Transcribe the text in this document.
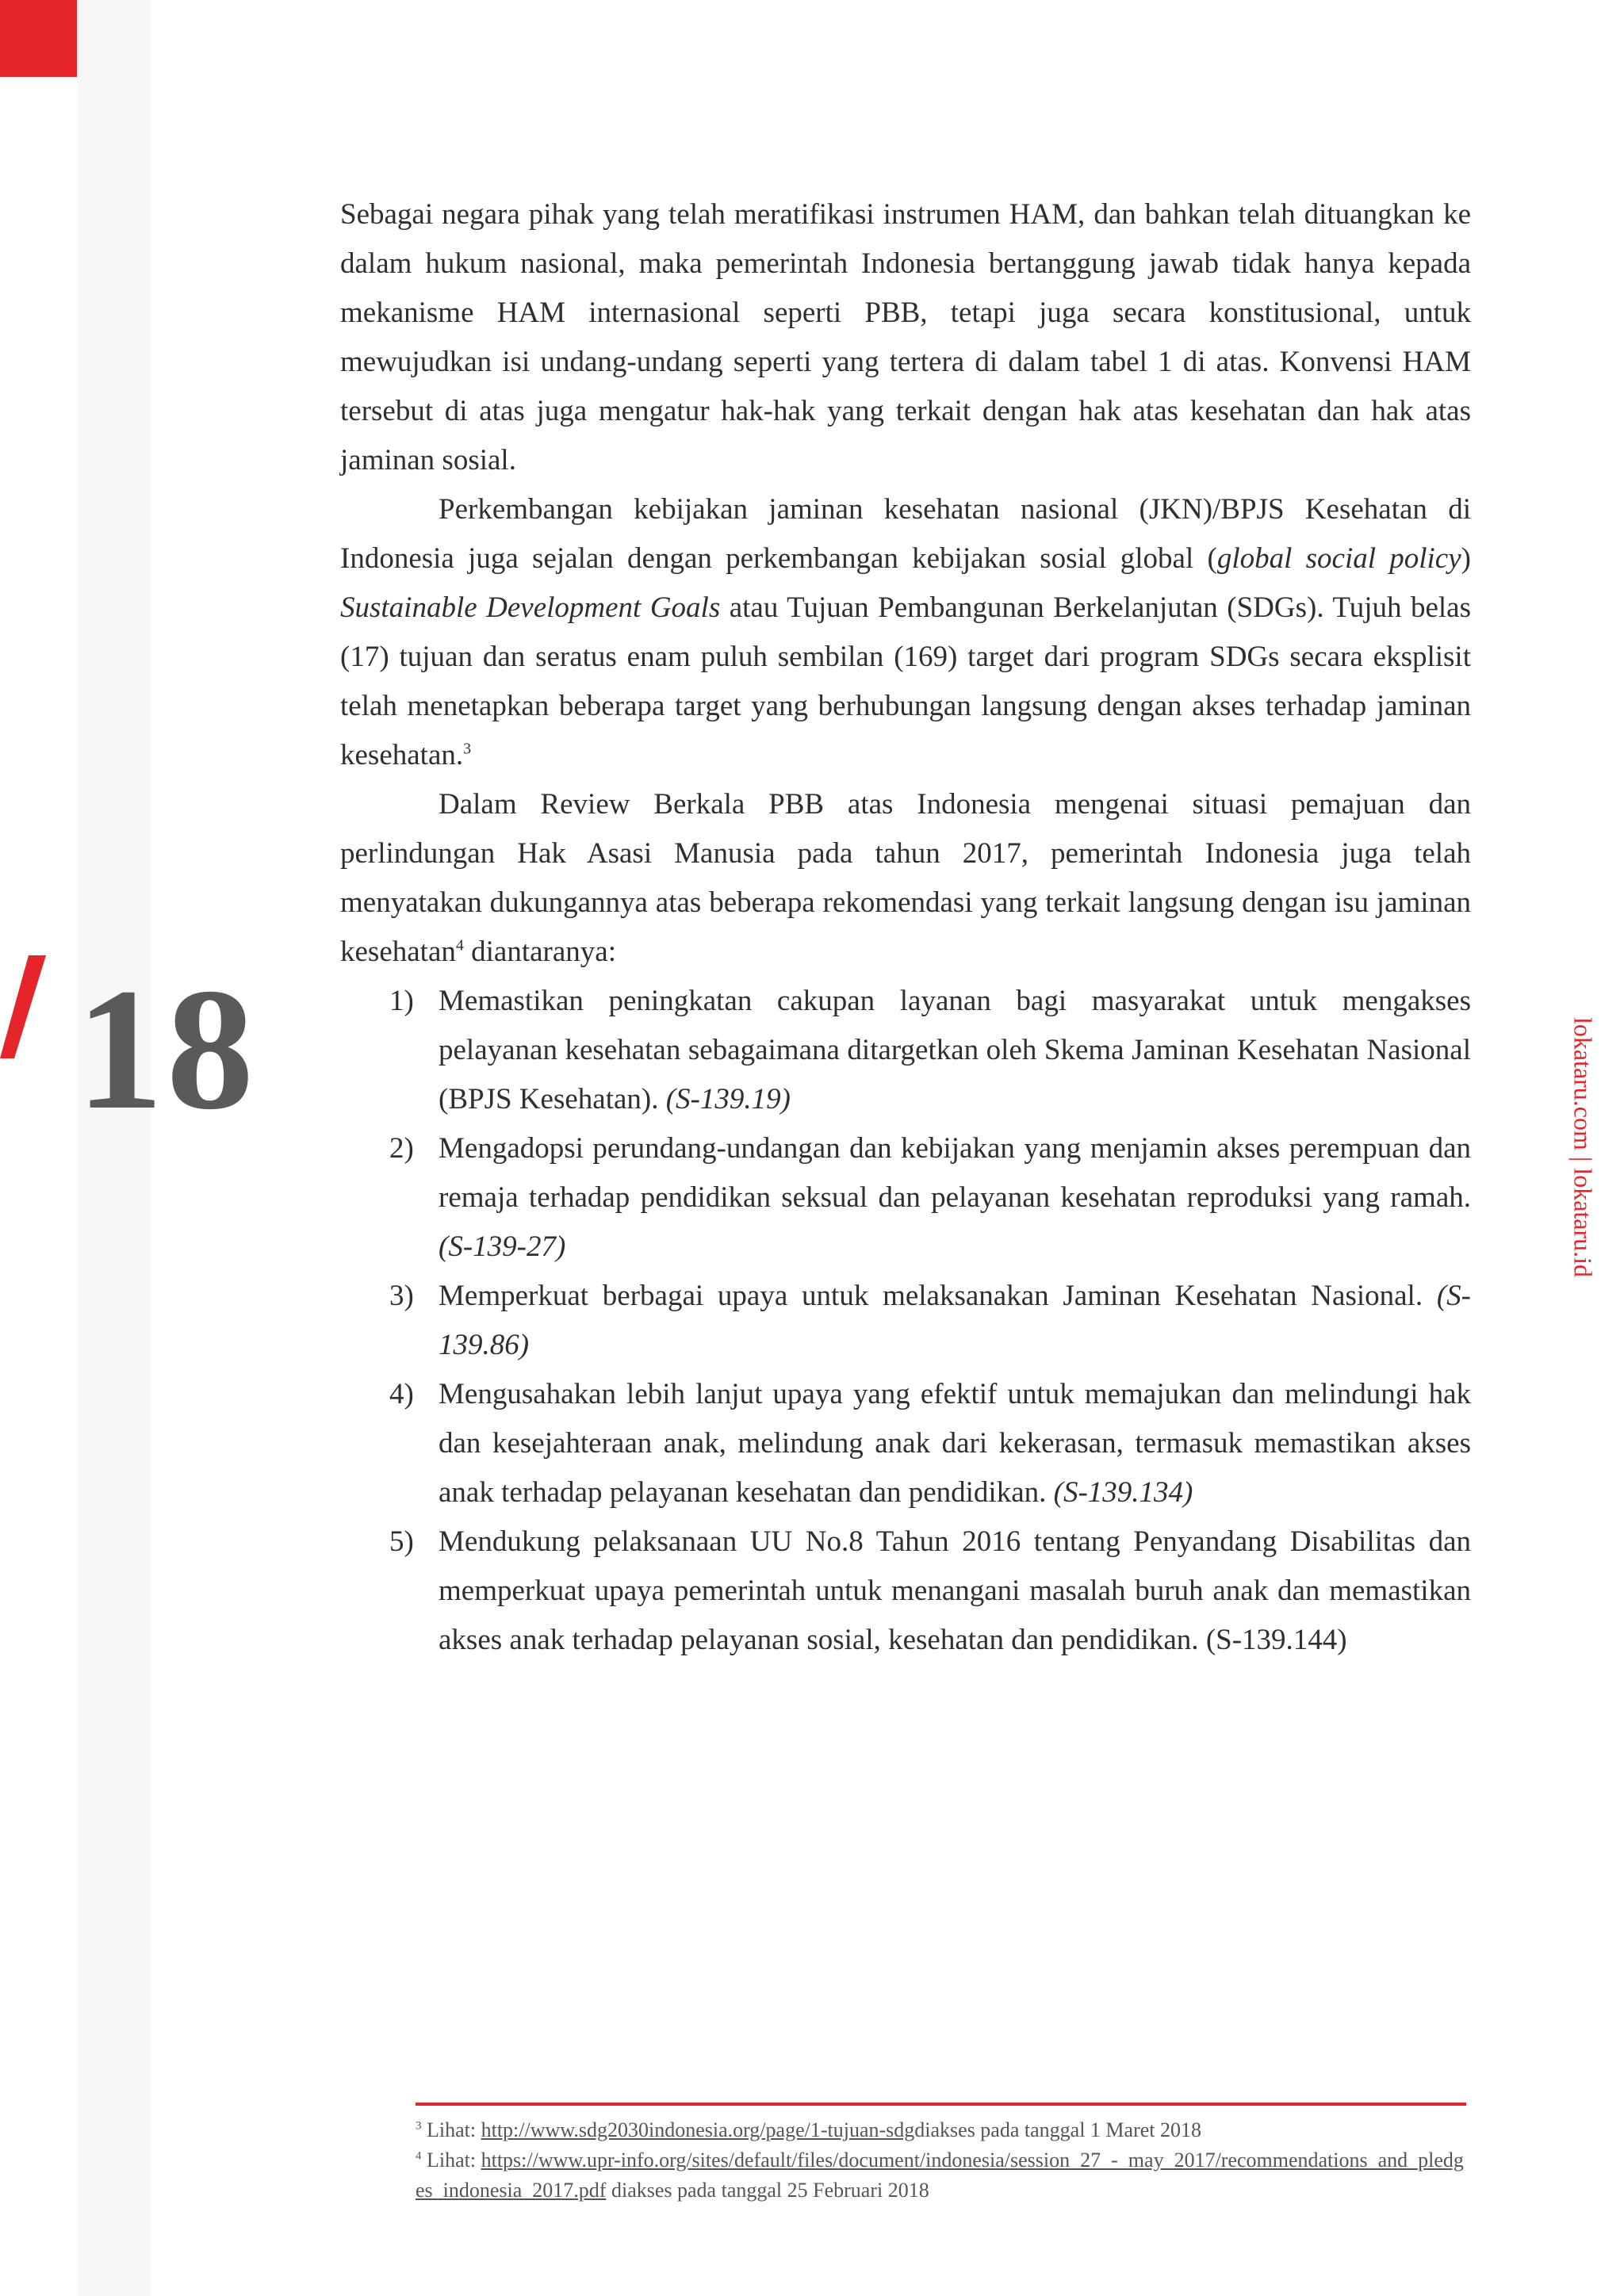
18	lokataru.com | lokataru.id

Sebagai negara pihak yang telah meratifikasi instrumen HAM, dan bahkan telah dituangkan ke dalam hukum nasional, maka pemerintah Indonesia bertanggung jawab tidak hanya kepada mekanisme HAM internasional seperti PBB, tetapi juga secara konstitusional, untuk mewujudkan isi undang-undang seperti yang tertera di dalam tabel 1 di atas. Konvensi HAM tersebut di atas juga mengatur hak-hak yang terkait dengan hak atas kesehatan dan hak atas jaminan sosial.

Perkembangan kebijakan jaminan kesehatan nasional (JKN)/BPJS Kesehatan di Indonesia juga sejalan dengan perkembangan kebijakan sosial global (global social policy) Sustainable Development Goals atau Tujuan Pembangunan Berkelanjutan (SDGs). Tujuh belas (17) tujuan dan seratus enam puluh sembilan (169) target dari program SDGs secara eksplisit telah menetapkan beberapa target yang berhubungan langsung dengan akses terhadap jaminan kesehatan.$^3$

Dalam Review Berkala PBB atas Indonesia mengenai situasi pemajuan dan perlindungan Hak Asasi Manusia pada tahun 2017, pemerintah Indonesia juga telah menyatakan dukungannya atas beberapa rekomendasi yang terkait langsung dengan isu jaminan kesehatan$^4$ diantaranya:

1) Memastikan peningkatan cakupan layanan bagi masyarakat untuk mengakses pelayanan kesehatan sebagaimana ditargetkan oleh Skema Jaminan Kesehatan Nasional (BPJS Kesehatan). (S-139.19)
2) Mengadopsi perundang-undangan dan kebijakan yang menjamin akses perempuan dan remaja terhadap pendidikan seksual dan pelayanan kesehatan reproduksi yang ramah. (S-139-27)
3) Memperkuat berbagai upaya untuk melaksanakan Jaminan Kesehatan Nasional. (S-139.86)
4) Mengusahakan lebih lanjut upaya yang efektif untuk memajukan dan melindungi hak dan kesejahteraan anak, melindung anak dari kekerasan, termasuk memastikan akses anak terhadap pelayanan kesehatan dan pendidikan. (S-139.134)
5) Mendukung pelaksanaan UU No.8 Tahun 2016 tentang Penyandang Disabilitas dan memperkuat upaya pemerintah untuk menangani masalah buruh anak dan memastikan akses anak terhadap pelayanan sosial, kesehatan dan pendidikan. (S-139.144)

$^3$ Lihat: http://www.sdg2030indonesia.org/page/1-tujuan-sdgdiakses pada tanggal 1 Maret 2018

$^4$ Lihat: https://www.upr-info.org/sites/default/files/document/indonesia/session_27_-_may_2017/recommendations_and_pledges_indonesia_2017.pdf diakses pada tanggal 25 Februari 2018
